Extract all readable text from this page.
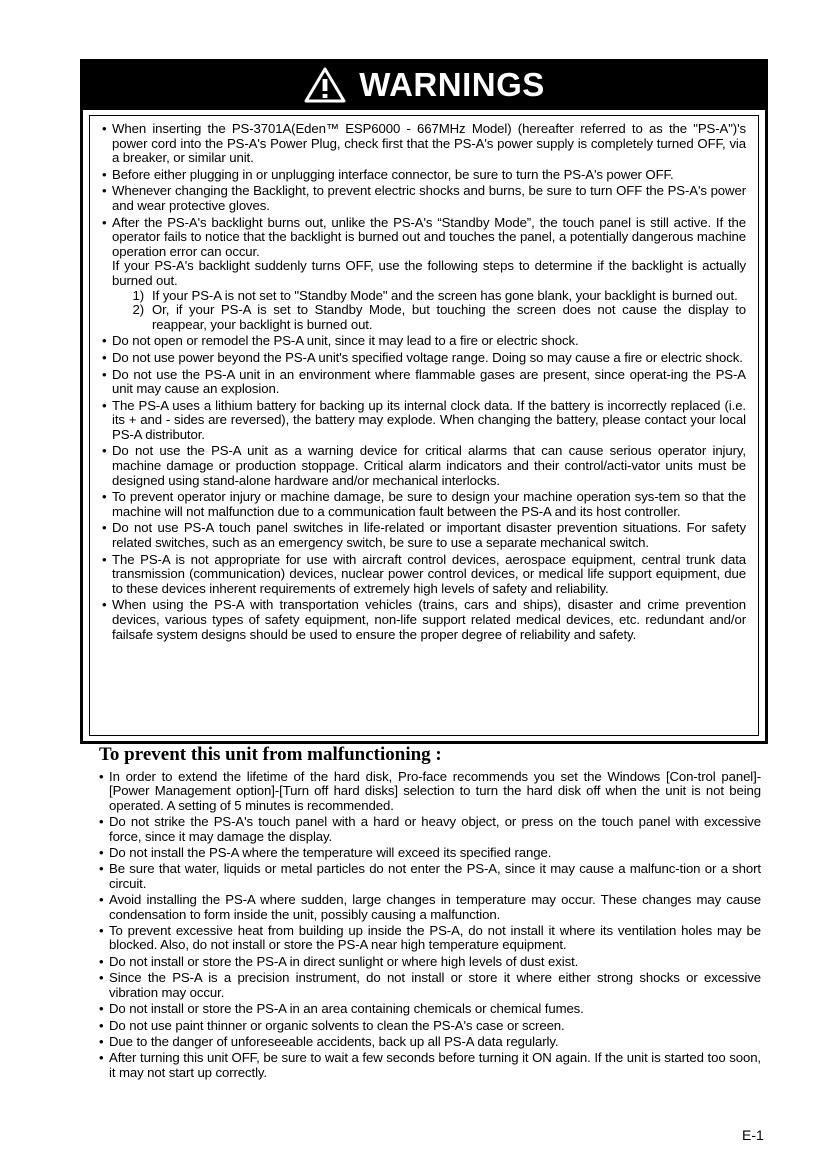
WARNINGS
• When inserting the PS-3701A(Eden™ ESP6000 - 667MHz Model) (hereafter referred to as the "PS-A")'s power cord into the PS-A's Power Plug, check first that the PS-A's power supply is completely turned OFF, via a breaker, or similar unit.
• Before either plugging in or unplugging interface connector, be sure to turn the PS-A's power OFF.
• Whenever changing the Backlight, to prevent electric shocks and burns, be sure to turn OFF the PS-A's power and wear protective gloves.
• After the PS-A's backlight burns out, unlike the PS-A's “Standby Mode”, the touch panel is still active. If the operator fails to notice that the backlight is burned out and touches the panel, a potentially dangerous machine operation error can occur.
If your PS-A's backlight suddenly turns OFF, use the following steps to determine if the backlight is actually burned out.
1) If your PS-A is not set to "Standby Mode" and the screen has gone blank, your backlight is burned out.
2) Or, if your PS-A is set to Standby Mode, but touching the screen does not cause the display to reappear, your backlight is burned out.
• Do not open or remodel the PS-A unit, since it may lead to a fire or electric shock.
• Do not use power beyond the PS-A unit's specified voltage range. Doing so may cause a fire or electric shock.
• Do not use the PS-A unit in an environment where flammable gases are present, since operat-ing the PS-A unit may cause an explosion.
• The PS-A uses a lithium battery for backing up its internal clock data. If the battery is incorrectly replaced (i.e. its + and - sides are reversed), the battery may explode. When changing the battery, please contact your local PS-A distributor.
• Do not use the PS-A unit as a warning device for critical alarms that can cause serious operator injury, machine damage or production stoppage. Critical alarm indicators and their control/acti-vator units must be designed using stand-alone hardware and/or mechanical interlocks.
• To prevent operator injury or machine damage, be sure to design your machine operation sys-tem so that the machine will not malfunction due to a communication fault between the PS-A and its host controller.
• Do not use PS-A touch panel switches in life-related or important disaster prevention situations. For safety related switches, such as an emergency switch, be sure to use a separate mechanical switch.
• The PS-A is not appropriate for use with aircraft control devices, aerospace equipment, central trunk data transmission (communication) devices, nuclear power control devices, or medical life support equipment, due to these devices inherent requirements of extremely high levels of safety and reliability.
• When using the PS-A with transportation vehicles (trains, cars and ships), disaster and crime prevention devices, various types of safety equipment, non-life support related medical devices, etc. redundant and/or failsafe system designs should be used to ensure the proper degree of reliability and safety.
To prevent this unit from malfunctioning :
• In order to extend the lifetime of the hard disk, Pro-face recommends you set the Windows [Con-trol panel]-[Power Management option]-[Turn off hard disks] selection to turn the hard disk off when the unit is not being operated. A setting of 5 minutes is recommended.
• Do not strike the PS-A's touch panel with a hard or heavy object, or press on the touch panel with excessive force, since it may damage the display.
• Do not install the PS-A where the temperature will exceed its specified range.
• Be sure that water, liquids or metal particles do not enter the PS-A, since it may cause a malfunc-tion or a short circuit.
• Avoid installing the PS-A where sudden, large changes in temperature may occur. These changes may cause condensation to form inside the unit, possibly causing a malfunction.
• To prevent excessive heat from building up inside the PS-A, do not install it where its ventilation holes may be blocked. Also, do not install or store the PS-A near high temperature equipment.
• Do not install or store the PS-A in direct sunlight or where high levels of dust exist.
• Since the PS-A is a precision instrument, do not install or store it where either strong shocks or excessive vibration may occur.
• Do not install or store the PS-A in an area containing chemicals or chemical fumes.
• Do not use paint thinner or organic solvents to clean the PS-A's case or screen.
• Due to the danger of unforeseeable accidents, back up all PS-A data regularly.
• After turning this unit OFF, be sure to wait a few seconds before turning it ON again. If the unit is started too soon, it may not start up correctly.
E-1
